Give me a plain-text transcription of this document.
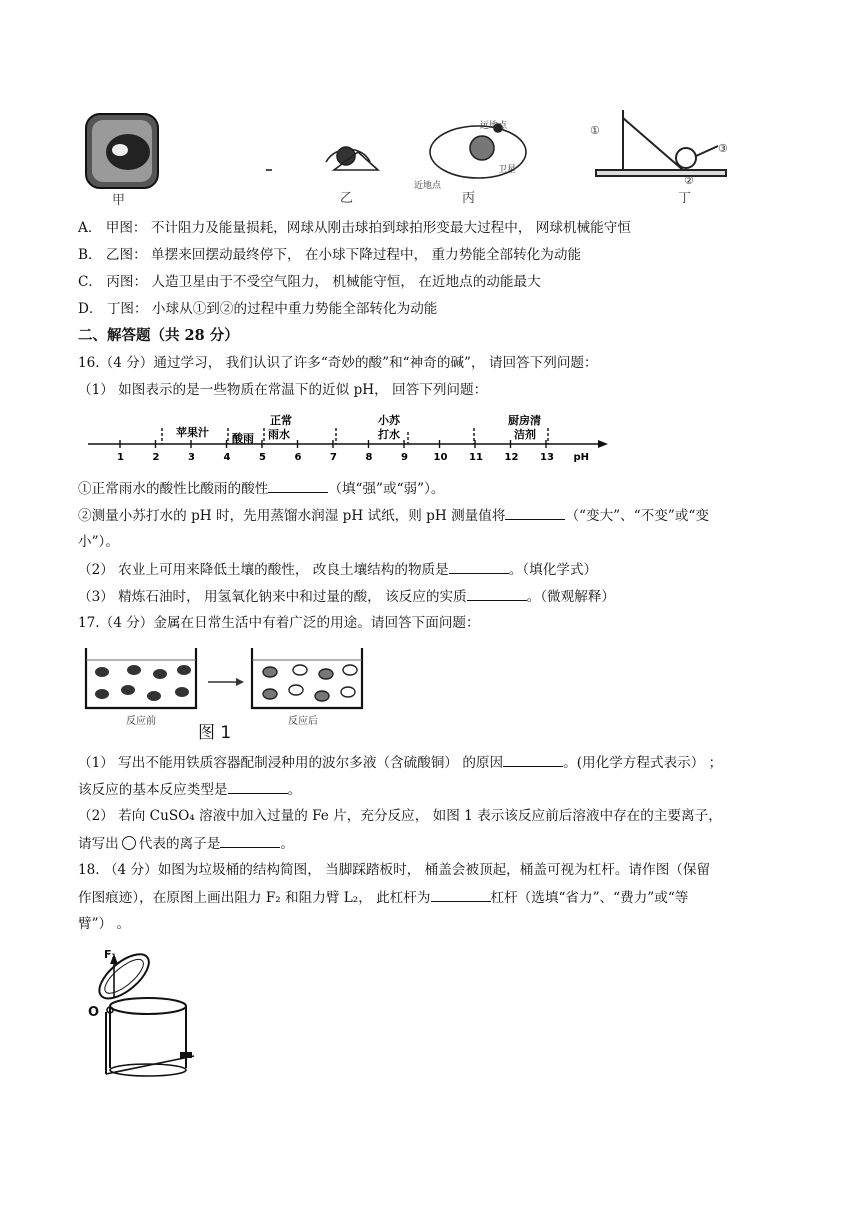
甲	乙
远地点
卫星
近地点
丙
①
②
③
丁
A． 甲图： 不计阻力及能量损耗，网球从刚击球拍到球拍形变最大过程中， 网球机械能守恒
B． 乙图： 单摆来回摆动最终停下， 在小球下降过程中， 重力势能全部转化为动能
C． 丙图： 人造卫星由于不受空气阻力， 机械能守恒， 在近地点的动能最大
D． 丁图： 小球从①到②的过程中重力势能全部转化为动能
二、解答题（共 28 分）
16.（4 分）通过学习， 我们认识了许多“奇妙的酸”和“神奇的碱”， 请回答下列问题：
（1） 如图表示的是一些物质在常温下的近似 pH， 回答下列问题：
1	2	3	4	5	6	7	8	9	10 11 12 13 pH
苹果汁 酸雨
正常
雨水
小苏
打水
厨房清
洁剂
①正常雨水的酸性比酸雨的酸性	（填“强”或“弱”）。
②测量小苏打水的 pH 时，先用蒸馏水润湿 pH 试纸，则 pH 测量值将	（“变大”、“不变”或“变
小”）。
（2） 农业上可用来降低土壤的酸性， 改良土壤结构的物质是	。（填化学式）
（3） 精炼石油时， 用氢氧化钠来中和过量的酸， 该反应的实质	。（微观解释）
17.（4 分）金属在日常生活中有着广泛的用途。请回答下面问题：
反应前	反应后
图 1
（1） 写出不能用铁质容器配制浸种用的波尔多液（含硫酸铜） 的原因	。(用化学方程式表示） ；
该反应的基本反应类型是	。
（2） 若向 CuSO₄ 溶液中加入过量的 Fe 片，充分反应， 如图 1 表示该反应前后溶液中存在的主要离子，
请写出 代表的离子是	。
18. （4 分）如图为垃圾桶的结构简图， 当脚踩踏板时， 桶盖会被顶起，桶盖可视为杠杆。请作图（保留
作图痕迹），在原图上画出阻力 F₂ 和阻力臂 L₂， 此杠杆为	杠杆（选填“省力”、“费力”或“等
臂”） 。
F₁
O
